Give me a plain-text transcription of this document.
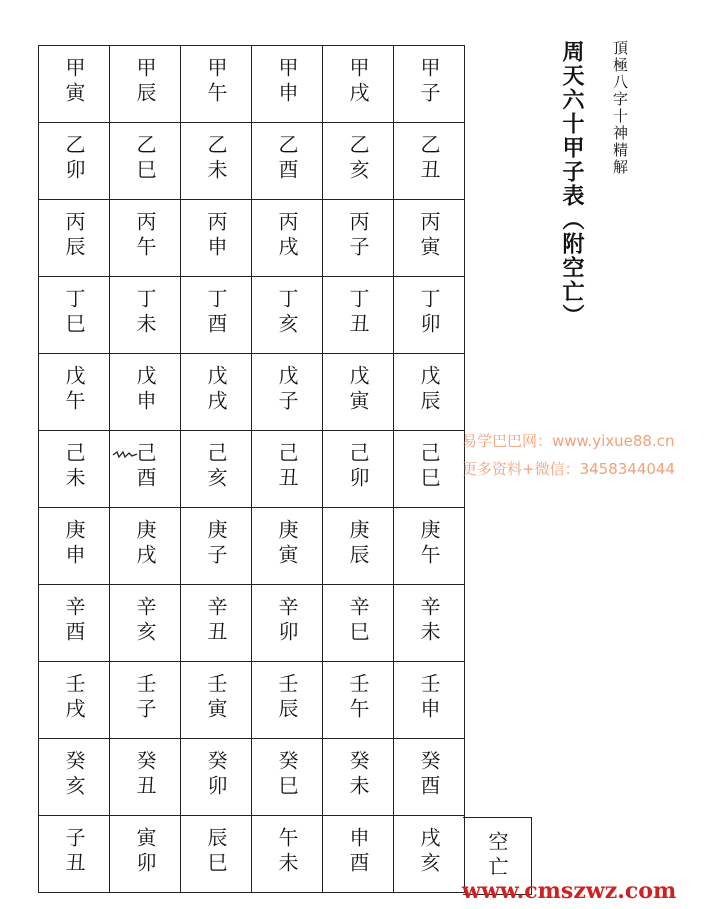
甲寅	甲辰	甲午	甲申	甲戌	甲子
乙卯	乙巳	乙未	乙酉	乙亥	乙丑
丙辰	丙午	丙申	丙戌	丙子	丙寅
丁巳	丁未	丁酉	丁亥	丁丑	丁卯
戊午	戊申	戊戌	戊子	戊寅	戊辰
己未	己酉	己亥	己丑	己卯	己巳
庚申	庚戌	庚子	庚寅	庚辰	庚午
辛酉	辛亥	辛丑	辛卯	辛巳	辛未
壬戌	壬子	壬寅	壬辰	壬午	壬申
癸亥	癸丑	癸卯	癸巳	癸未	癸酉
子丑	寅卯	辰巳	午未	申酉	戌亥 空亡
周天六十甲子表（附空亡） 頂極八字十神精解
易学巴巴网：www.yixue88.cn
更多资料+微信：3458344044
www.cmszwz.com
